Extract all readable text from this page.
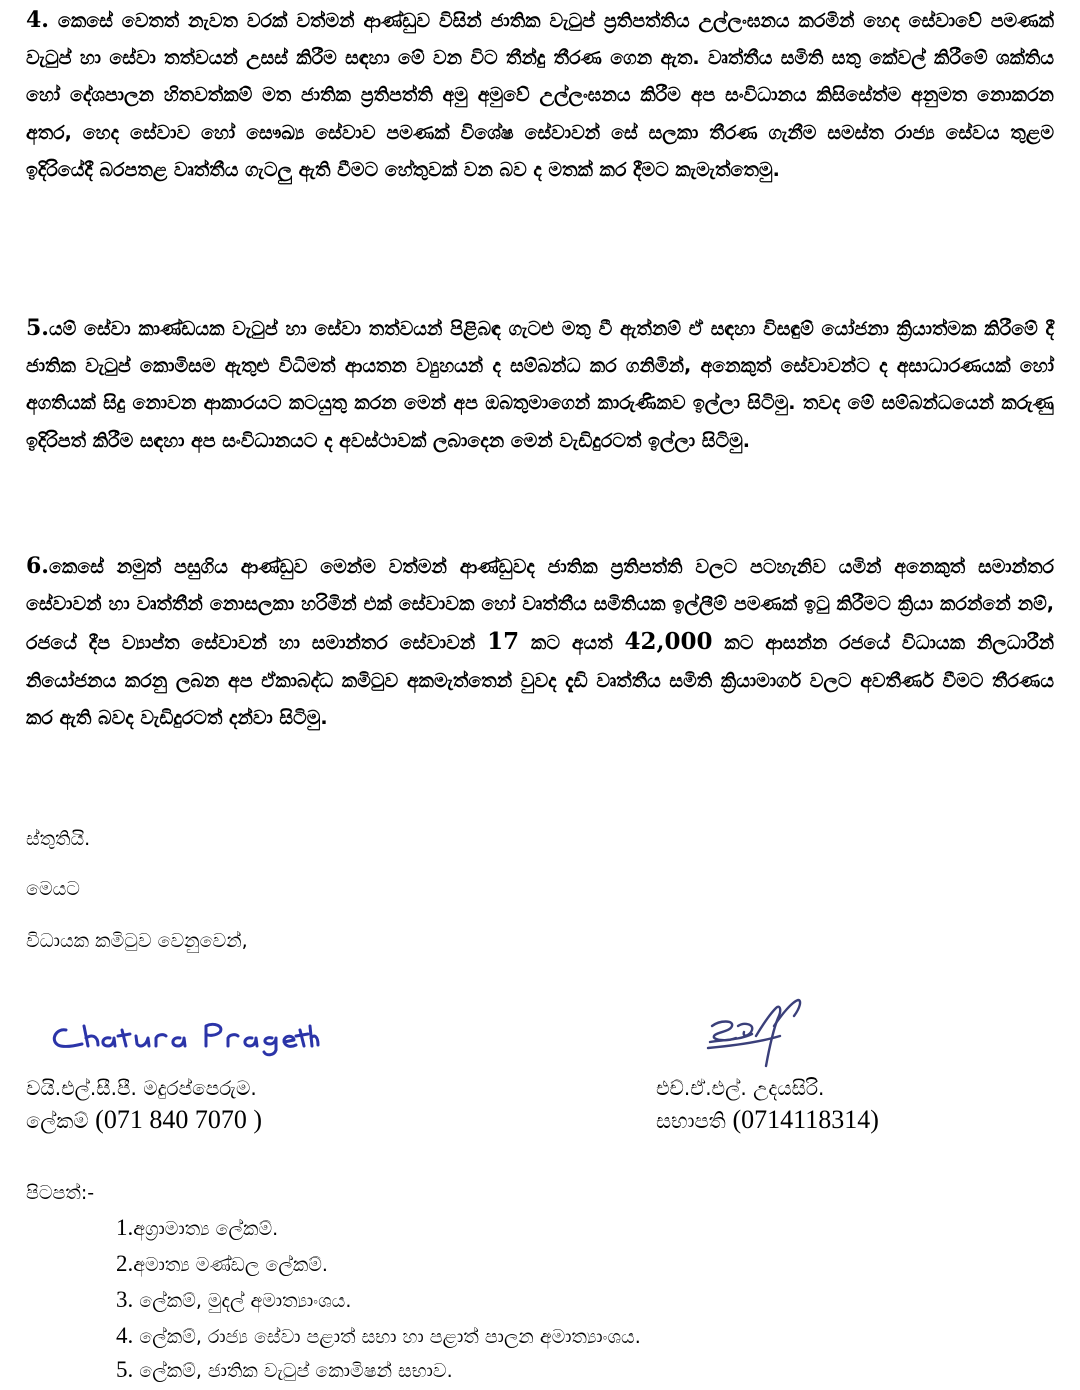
4. කෙසේ වෙතත් නැවත වරක් වත්මන් ආණ්ඩුව විසින් ජාතික වැටුප් ප්‍රතිපත්තිය උල්ලංඝනය කරමින් හෙද සේවාවේ පමණක් වැටුප් හා සේවා තත්වයන් උසස් කිරීම සඳහා මේ වන විට තීන්දු තීරණ ගෙන ඇත. වෘත්තීය සමිති සතු කේවල් කිරීමේ ශක්තිය හෝ දේශපාලන හිතවත්කම් මත ජාතික ප්‍රතිපත්ති අමු අමුවේ උල්ලංඝනය කිරීම අප සංවිධානය කිසිසේත්ම අනුමත නොකරන අතර, හෙද සේවාව හෝ සෞඛ්‍ය සේවාව පමණක් විශේෂ සේවාවන් සේ සලකා තීරණ ගැනීම සමස්ත රාජ්‍ය සේවය තුළම ඉදිරියේදී බරපතළ වෘත්තීය ගැටලු ඇති වීමට හේතුවක් වන බව ද මතක් කර දීමට කැමැත්තෙමු.

5.යම් සේවා කාණ්ඩයක වැටුප් හා සේවා තත්වයන් පිළිබඳ ගැටළු මතු වී ඇත්නම් ඒ සඳහා විසඳුම් යෝජනා ක්‍රියාත්මක කිරීමේ දී ජාතික වැටුප් කොමිසම ඇතුළු විධිමත් ආයතන ව්‍යුහයන් ද සම්බන්ධ කර ගනිමින්, අනෙකුත් සේවාවන්ට ද අසාධාරණයක් හෝ අගතියක් සිදු නොවන ආකාරයට කටයුතු කරන මෙන් අප ඔබතුමාගෙන් කාරුණිකව ඉල්ලා සිටිමු. තවද මේ සම්බන්ධයෙන් කරුණු ඉදිරිපත් කිරීම සඳහා අප සංවිධානයට ද අවස්ථාවක් ලබාදෙන මෙන් වැඩිදුරටත් ඉල්ලා සිටිමු.

6.කෙසේ නමුත් පසුගිය ආණ්ඩුව මෙන්ම වත්මන් ආණ්ඩුවද ජාතික ප්‍රතිපත්ති වලට පටහැනිව යමින් අනෙකුත් සමාන්තර සේවාවන් හා වෘත්තීන් නොසලකා හරිමින් එක් සේවාවක හෝ වෘත්තීය සමිතියක ඉල්ලීම් පමණක් ඉටු කිරීමට ක්‍රියා කරන්නේ නම්, රජයේ දීප ව්‍යාප්ත සේවාවන් හා සමාන්තර සේවාවන් 17 කට අයත් 42,000 කට ආසන්න රජයේ විධායක නිලධාරීන් නියෝජනය කරනු ලබන අප ඒකාබද්ධ කමිටුව අකමැත්තෙන් වුවද දැඩි වෘත්තීය සමිති ක්‍රියාමාර්ග වලට අවතීර්ණ වීමට තීරණය කර ඇති බවද වැඩිදුරටත් දන්වා සිටිමු.

ස්තුතියි.

මෙයට

විධායක කමිටුව වෙනුවෙන්,

වයි.එල්.සී.පී. මදුරප්පෙරුම.

ලේකම් (071 840 7070 )

එච්.ඒ.එල්. උදයසිරි.

සභාපති (0714118314)

පිටපත්:-

1.අග්‍රාමාත්‍ය ලේකම්.

2.අමාත්‍ය මණ්ඩල ලේකම්.

3. ලේකම්, මුදල් අමාත්‍යාංශය.

4. ලේකම්, රාජ්‍ය සේවා පළාත් සභා හා පළාත් පාලන අමාත්‍යාංශය.

5. ලේකම්, ජාතික වැටුප් කොමිෂන් සභාව.
